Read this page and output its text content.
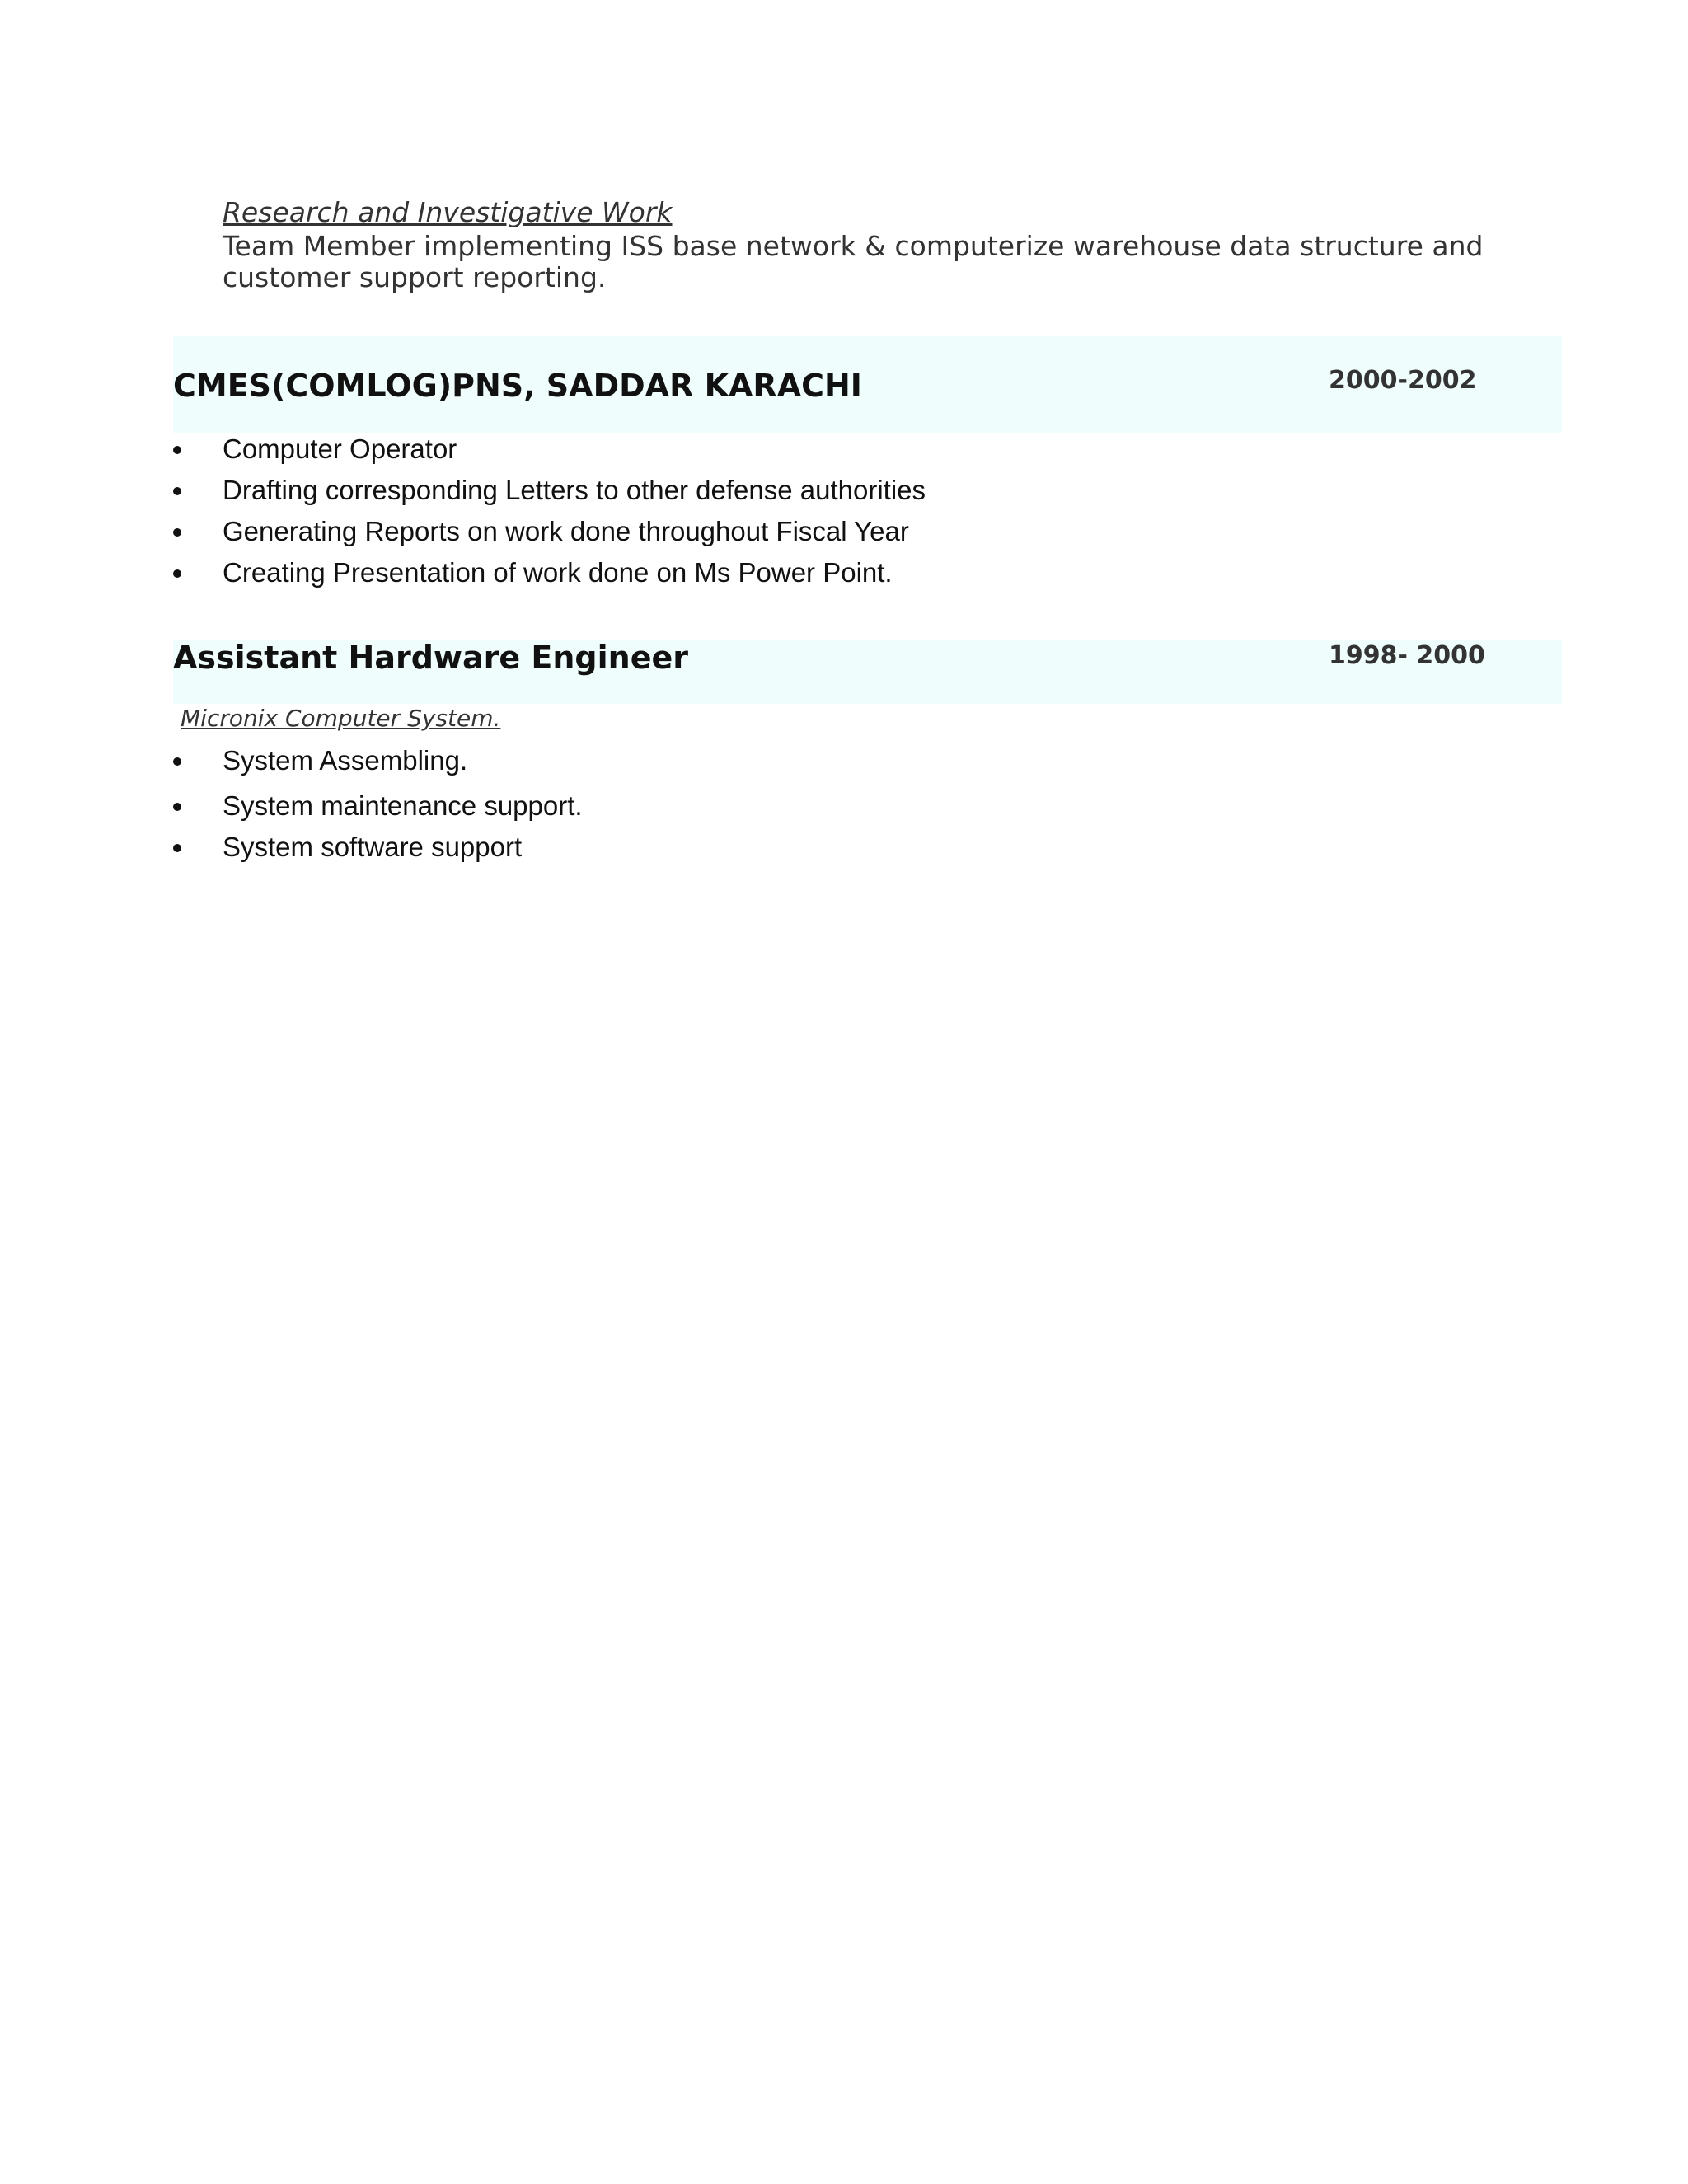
Research and Investigative Work
Team Member implementing ISS base network & computerize warehouse data structure and customer support reporting.
CMES(COMLOG)PNS, SADDAR KARACHI	2000-2002
Computer Operator
Drafting corresponding Letters to other defense authorities
Generating Reports on work done throughout Fiscal Year
Creating Presentation of work done on Ms Power Point.
Assistant Hardware Engineer	1998- 2000
Micronix Computer System.
System Assembling.
System maintenance support.
System software support
